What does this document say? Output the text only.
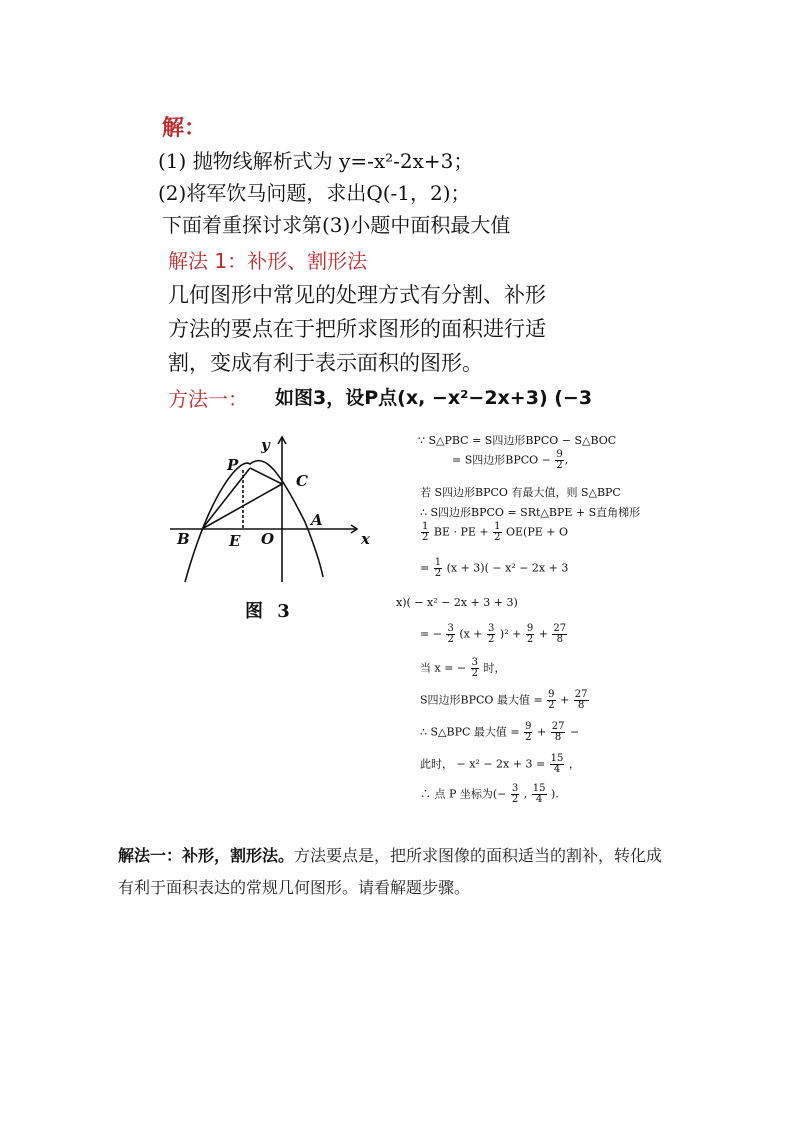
解：
(1) 抛物线解析式为 y=-x²-2x+3；
(2)将军饮马问题，求出Q(-1，2)；
下面着重探讨求第(3)小题中面积最大值
解法 1：补形、割形法
几何图形中常见的处理方式有分割、补形
方法的要点在于把所求图形的面积进行适
割，变成有利于表示面积的图形。
方法一： 如图3，设P点(x, −x²−2x+3) (−3
y
x
P
C
A
B	E O
图 3
∵ S△PBC = S四边形BPCO − S△BOC
= S四边形BPCO − $\frac{9}{2}$ ,
若 S四边形BPCO 有最大值，则 S△BPC
∴ S四边形BPCO = SRt△BPE + S直角梯形
$\frac{1}{2}$ BE · PE + $\frac{1}{2} OE(PE + O$
= $\frac{1}{2} (x + 3)( - x^2 - 2x + 3$
x)( − x² − 2x + 3 + 3)
= − $\frac{3}{2} (x + \frac{3}{2} )^2 + \frac{9}{2} + \frac{27}{8}$
当 x = − $\frac{3}{2}$ 时，
S四边形BPCO 最大值 = $\frac{9}{2} + \frac{27}{8}$
∴ S△BPC 最大值 = $\frac{9}{2} + \frac{27}{8}$ −
此时， − $x^2 - 2x + 3 = \frac{15}{4}$ ，
∴ 点 P 坐标为(− $\frac{3}{2}$ , $\frac{15}{4}$ ).
解法一：补形，割形法。方法要点是，把所求图像的面积适当的割补，转化成有利于面积表达的常规几何图形。请看解题步骤。
